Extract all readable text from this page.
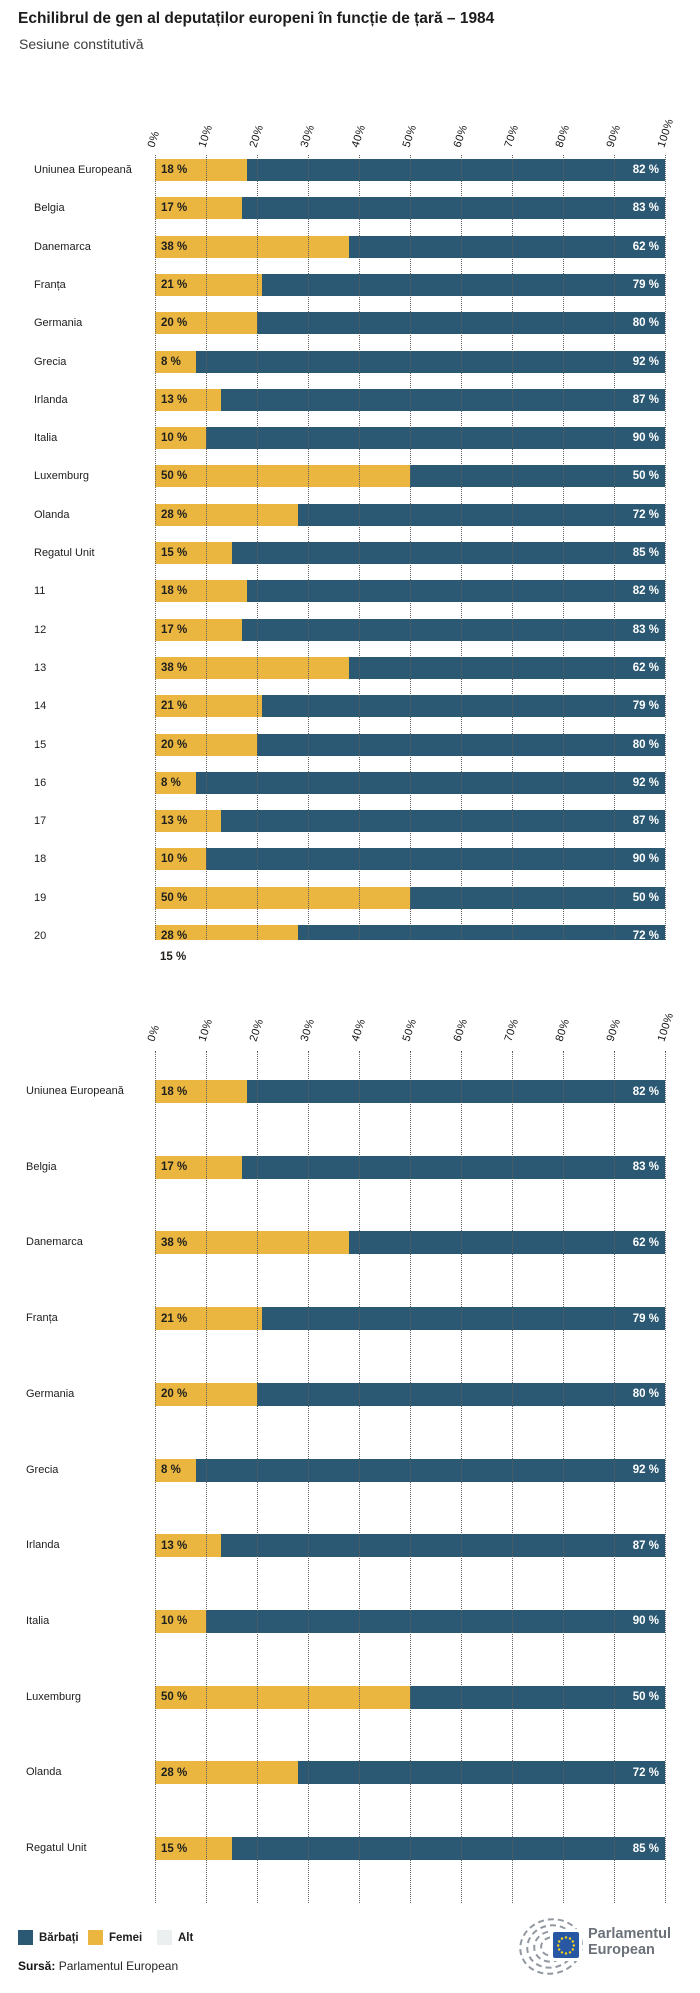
Echilibrul de gen al deputaților europeni în funcție de țară – 1984
Sesiune constitutivă
0%	10%	20%	30%	40%	50%	60%	70%	80%	90%	100%
Uniunea Europeană	18 %	82 %
Belgia	17 %	83 %
Danemarca	38 %	62 %
Franța	21 %	79 %
Germania	20 %	80 %
Grecia	8 %	92 %
Irlanda	13 %	87 %
Italia	10 %	90 %
Luxemburg	50 %	50 %
Olanda	28 %	72 %
Regatul Unit	15 %	85 %
11	18 %	82 %
12	17 %	83 %
13	38 %	62 %
14	21 %	79 %
15	20 %	80 %
16	8 %	92 %
17	13 %	87 %
18	10 %	90 %
19	50 %	50 %
20	28 %	72 %
15 %
0%	10%	20%	30%	40%	50%	60%	70%	80%	90%	100%
Uniunea Europeană	18 %	82 %
Belgia	17 %	83 %
Danemarca	38 %	62 %
Franța	21 %	79 %
Germania	20 %	80 %
Grecia	8 %	92 %
Irlanda	13 %	87 %
Italia	10 %	90 %
Luxemburg	50 %	50 %
Olanda	28 %	72 %
Regatul Unit	15 %	85 %
Bărbați	Femei	Alt
Sursă: Parlamentul European
Parlamentul
European
